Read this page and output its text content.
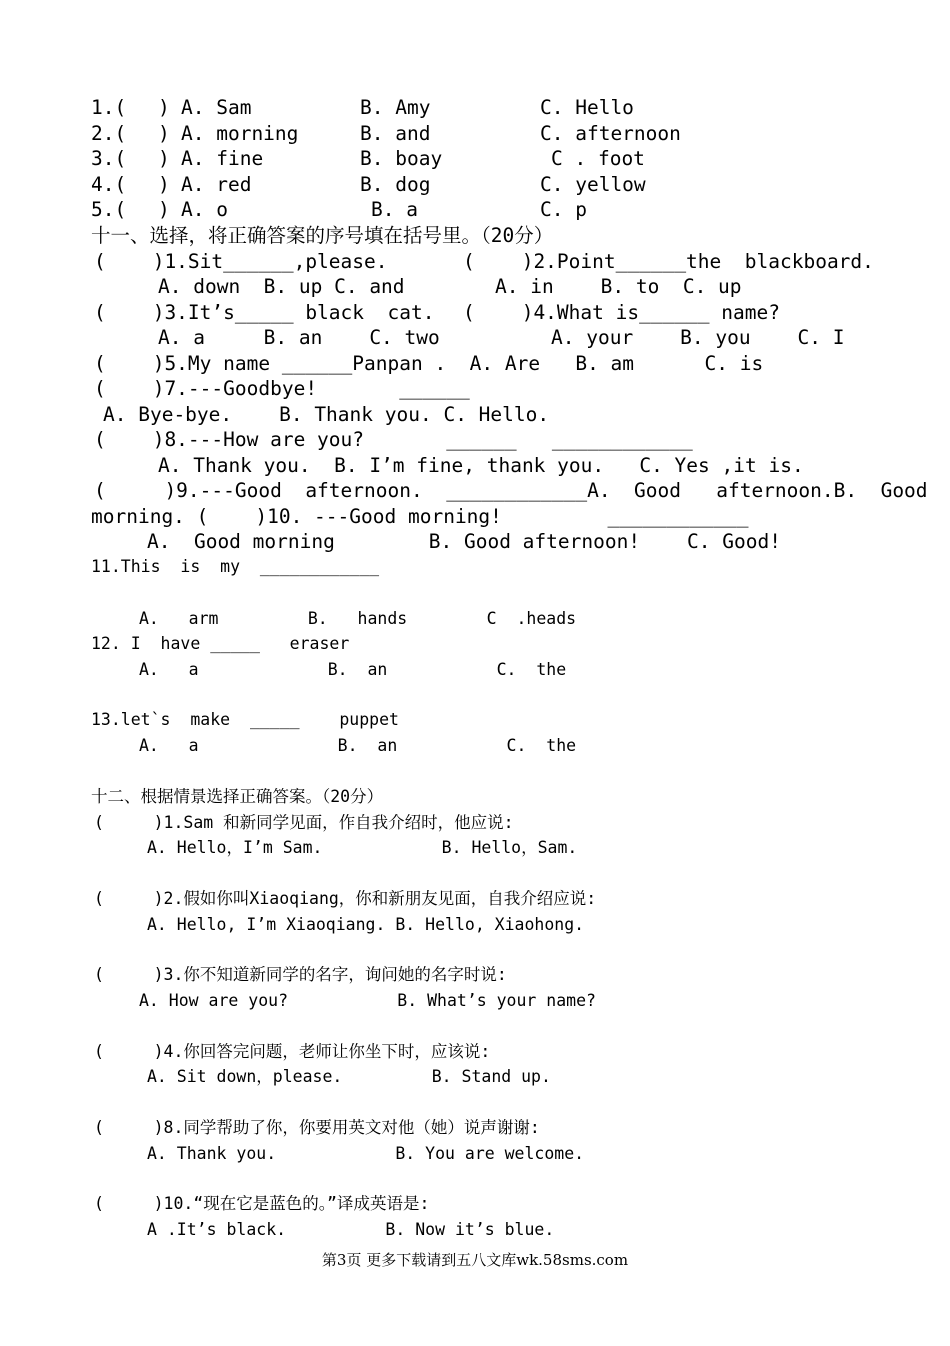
1.( ) A. Sam	B. Amy	C. Hello
2.( ) A. morning	B. and	C. afternoon
3.( ) A. fine	B. boay	C . foot
4.( ) A. red	B. dog	C. yellow
5.( ) A. o	B. a	C. p
十一、选择，将正确答案的序号填在括号里。（20分）
(    )1.Sit______,please.	(    )2.Point______the  blackboard.
A. down  B. up C. and	A. in    B. to  C. up
(    )3.It’s_____ black  cat. (    )4.What is______ name?
A. a     B. an    C. two	A. your    B. you    C. I
(    )5.My name ______Panpan .  A. Are   B. am      C. is
(    )7.---Goodbye!       ______
A. Bye-bye.    B. Thank you. C. Hello.
(    )8.---How are you?       ______   ____________
A. Thank you.  B. I’m fine, thank you.   C. Yes ,it is.
(     )9.---Good  afternoon.  ____________A.  Good   afternoon.B.  Good
morning. (    )10. ---Good morning!         ____________
A.  Good morning        B. Good afternoon!    C. Good!
11.This  is  my  ____________
A.   arm         B.   hands        C  .heads
12. I  have _____   eraser
A.   a             B.  an           C.  the
13.let`s  make  _____    puppet
A.   a              B.  an           C.  the
十二、根据情景选择正确答案。（20分）
(     )1.Sam 和新同学见面，作自我介绍时，他应说:
A. Hello，I’m Sam.            B. Hello，Sam.
(     )2.假如你叫Xiaoqiang，你和新朋友见面，自我介绍应说:
A. Hello, I’m Xiaoqiang. B. Hello, Xiaohong.
(     )3.你不知道新同学的名字，询问她的名字时说:
A. How are you?           B. What’s your name?
(     )4.你回答完问题，老师让你坐下时，应该说:
A. Sit down，please.         B. Stand up.
(     )8.同学帮助了你，你要用英文对他（她）说声谢谢:
A. Thank you.            B. You are welcome.
(     )10.“现在它是蓝色的。”译成英语是:
A .It’s black.          B. Now it’s blue.
第3页 更多下载请到五八文库wk.58sms.com
